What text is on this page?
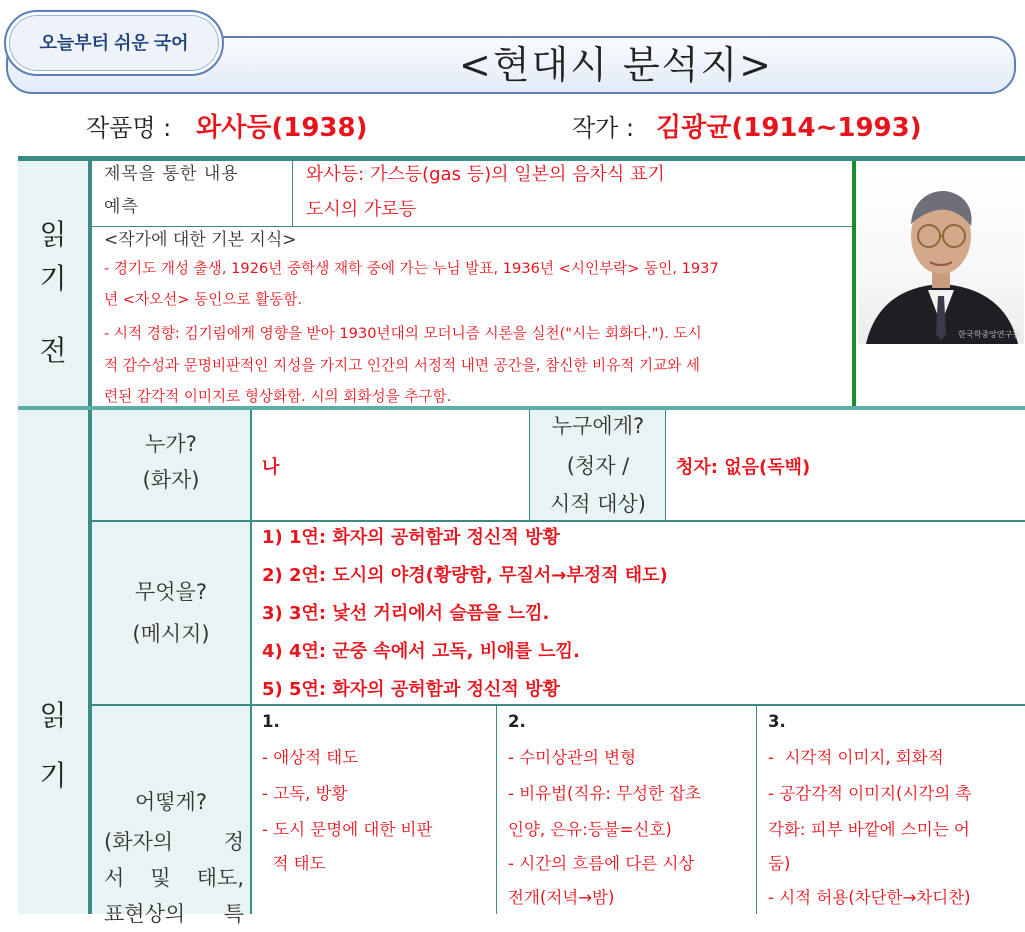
<현대시 분석지>
오늘부터 쉬운 국어
작품명 : 와사등(1938)	작가 : 김광균(1914~1993)
읽
기
전
제목을 통한 내용
예측
와사등: 가스등(gas 등)의 일본의 음차식 표기
도시의 가로등
<작가에 대한 기본 지식>
- 경기도 개성 출생, 1926년 중학생 재학 중에 가는 누님 발표, 1936년 <시인부락> 동인, 1937
년 <자오선> 동인으로 활동함.
- 시적 경향: 김기림에게 영향을 받아 1930년대의 모더니즘 시론을 실천("시는 회화다."). 도시
적 감수성과 문명비판적인 지성을 가지고 인간의 서정적 내면 공간을, 참신한 비유적 기교와 세
련된 감각적 이미지로 형상화함. 시의 회화성을 추구함.
한국학중앙연구원
읽
기
누가?
(화자)
나
누구에게?
(청자 /
시적 대상)
청자: 없음(독백)
무엇을?
(메시지)
1) 1연: 화자의 공허함과 정신적 방황
2) 2연: 도시의 야경(황량함, 무질서→부정적 태도)
3) 3연: 낯선 거리에서 슬픔을 느낌.
4) 4연: 군중 속에서 고독, 비애를 느낌.
5) 5연: 화자의 공허함과 정신적 방황
어떻게?
(화자의 정
서 및 태도,
표현상의 특
1.
- 애상적 태도
- 고독, 방황
- 도시 문명에 대한 비판
적 태도
2.
- 수미상관의 변형
- 비유법(직유: 무성한 잡초
인양, 은유:등불=신호)
- 시간의 흐름에 다른 시상
전개(저녁→밤)
3.
-  시각적 이미지, 회화적
- 공감각적 이미지(시각의 촉
각화: 피부 바깥에 스미는 어
둠)
- 시적 허용(차단한→차디찬)
